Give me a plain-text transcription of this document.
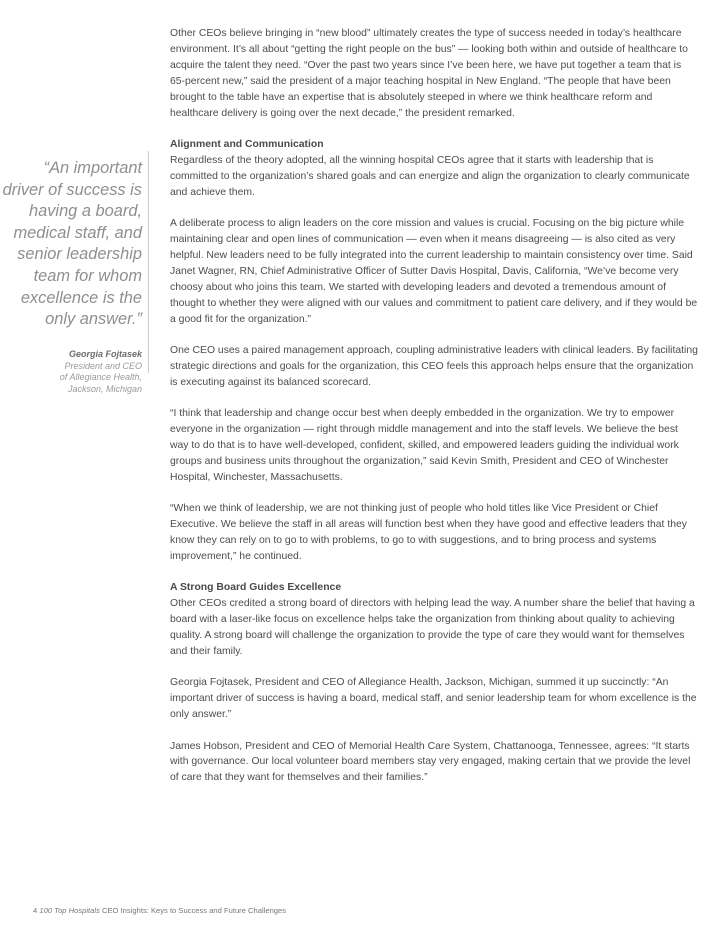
Other CEOs believe bringing in “new blood” ultimately creates the type of success needed in today’s healthcare environment. It’s all about “getting the right people on the bus” — looking both within and outside of healthcare to acquire the talent they need. “Over the past two years since I’ve been here, we have put together a team that is 65-percent new,” said the president of a major teaching hospital in New England. “The people that have been brought to the table have an expertise that is absolutely steeped in where we think healthcare reform and healthcare delivery is going over the next decade,” the president remarked.

Alignment and Communication

Regardless of the theory adopted, all the winning hospital CEOs agree that it starts with leadership that is committed to the organization’s shared goals and can energize and align the organization to clearly communicate and achieve them.

A deliberate process to align leaders on the core mission and values is crucial. Focusing on the big picture while maintaining clear and open lines of communication — even when it means disagreeing — is also cited as very helpful. New leaders need to be fully integrated into the current leadership to maintain consistency over time. Said Janet Wagner, RN, Chief Administrative Officer of Sutter Davis Hospital, Davis, California, “We’ve become very choosy about who joins this team. We started with developing leaders and devoted a tremendous amount of thought to whether they were aligned with our values and commitment to patient care delivery, and if they would be a good fit for the organization.”

One CEO uses a paired management approach, coupling administrative leaders with clinical leaders. By facilitating strategic directions and goals for the organization, this CEO feels this approach helps ensure that the organization is executing against its balanced scorecard.

“I think that leadership and change occur best when deeply embedded in the organization. We try to empower everyone in the organization — right through middle management and into the staff levels. We believe the best way to do that is to have well-developed, confident, skilled, and empowered leaders guiding the individual work groups and business units throughout the organization,” said Kevin Smith, President and CEO of Winchester Hospital, Winchester, Massachusetts.

“When we think of leadership, we are not thinking just of people who hold titles like Vice President or Chief Executive. We believe the staff in all areas will function best when they have good and effective leaders that they know they can rely on to go to with problems, to go to with suggestions, and to bring process and systems improvement,” he continued.

A Strong Board Guides Excellence

Other CEOs credited a strong board of directors with helping lead the way. A number share the belief that having a board with a laser-like focus on excellence helps take the organization from thinking about quality to achieving quality. A strong board will challenge the organization to provide the type of care they would want for themselves and their family.

Georgia Fojtasek, President and CEO of Allegiance Health, Jackson, Michigan, summed it up succinctly: “An important driver of success is having a board, medical staff, and senior leadership team for whom excellence is the only answer.”

James Hobson, President and CEO of Memorial Health Care System, Chattanooga, Tennessee, agrees: “It starts with governance. Our local volunteer board members stay very engaged, making certain that we provide the level of care that they want for themselves and their families.”

“An important driver of success is having a board, medical staff, and senior leadership team for whom excellence is the only answer.”

Georgia Fojtasek
President and CEO
of Allegiance Health,
Jackson, Michigan
4 100 Top Hospitals CEO Insights: Keys to Success and Future Challenges
